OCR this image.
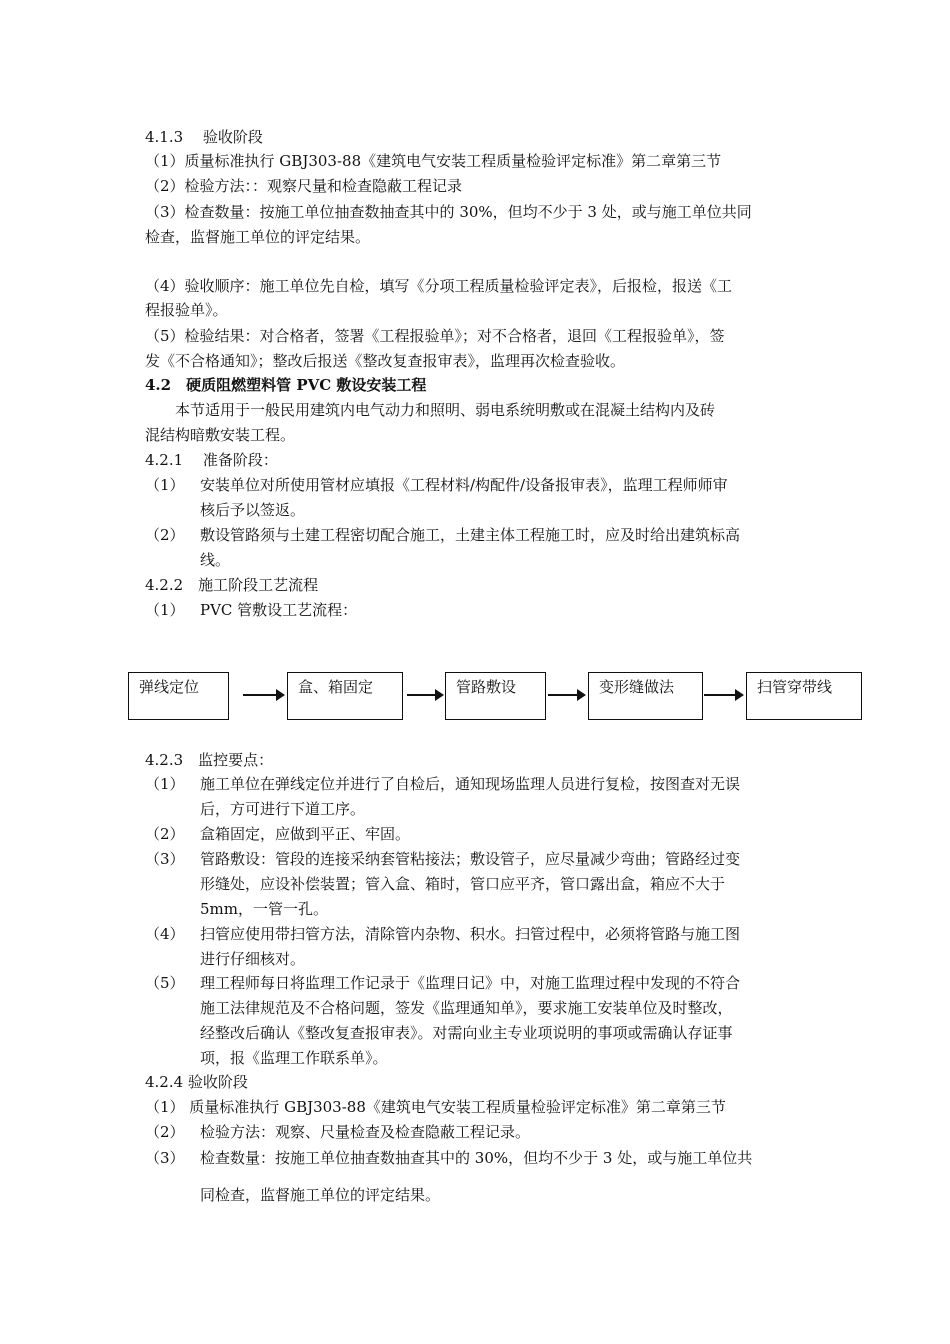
4.1.3　 验收阶段
（1）质量标准执行 GBJ303-88《建筑电气安装工程质量检验评定标准》第二章第三节
（2）检验方法：：观察尺量和检查隐蔽工程记录
（3）检查数量：按施工单位抽查数抽查其中的 30%，但均不少于 3 处，或与施工单位共同
检查，监督施工单位的评定结果。
（4）验收顺序：施工单位先自检，填写《分项工程质量检验评定表》，后报检，报送《工
程报验单》。
（5）检验结果：对合格者，签署《工程报验单》；对不合格者，退回《工程报验单》，签
发《不合格通知》；整改后报送《整改复查报审表》，监理再次检查验收。
4.2　硬质阻燃塑料管 PVC 敷设安装工程
　　本节适用于一般民用建筑内电气动力和照明、弱电系统明敷或在混凝土结构内及砖
混结构暗敷安装工程。
4.2.1　 准备阶段：
（1） 安装单位对所使用管材应填报《工程材料/构配件/设备报审表》，监理工程师师审
核后予以签返。
（2） 敷设管路须与土建工程密切配合施工，土建主体工程施工时，应及时给出建筑标高
线。
4.2.2　施工阶段工艺流程
（1） PVC 管敷设工艺流程：
弹线定位	盒、箱固定	管路敷设	变形缝做法	扫管穿带线
4.2.3　监控要点：
（1） 施工单位在弹线定位并进行了自检后，通知现场监理人员进行复检，按图查对无误
后，方可进行下道工序。
（2） 盒箱固定，应做到平正、牢固。
（3） 管路敷设：管段的连接采纳套管粘接法；敷设管子，应尽量减少弯曲；管路经过变
形缝处，应设补偿装置；管入盒、箱时，管口应平齐，管口露出盒，箱应不大于
5mm，一管一孔。
（4） 扫管应使用带扫管方法，清除管内杂物、积水。扫管过程中，必须将管路与施工图
进行仔细核对。
（5） 理工程师每日将监理工作记录于《监理日记》中，对施工监理过程中发现的不符合
施工法律规范及不合格问题，签发《监理通知单》，要求施工安装单位及时整改，
经整改后确认《整改复查报审表》。对需向业主专业项说明的事项或需确认存证事
项，报《监理工作联系单》。
4.2.4 验收阶段
（1） 质量标准执行 GBJ303-88《建筑电气安装工程质量检验评定标准》第二章第三节
（2） 检验方法：观察、尺量检查及检查隐蔽工程记录。
（3） 检查数量：按施工单位抽查数抽查其中的 30%，但均不少于 3 处，或与施工单位共
同检查，监督施工单位的评定结果。
